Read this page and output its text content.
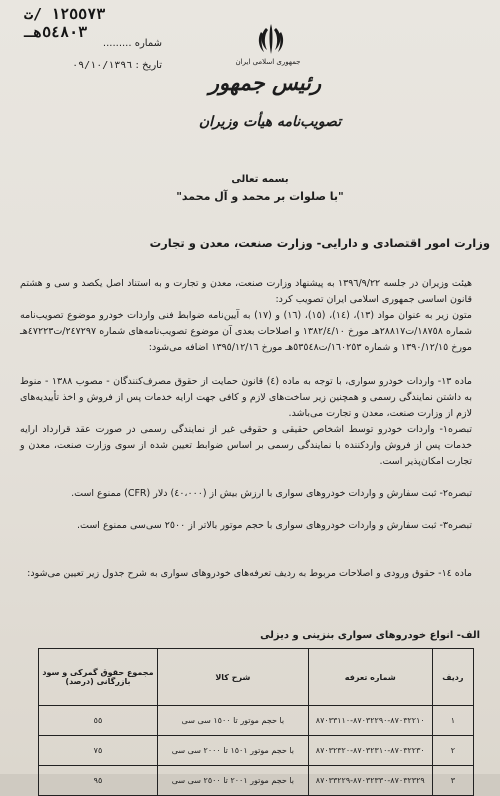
١٢٥٥٧٣ /ت ٥٤٨٠٣هـ
شماره .........
تاریخ : ٠٩/١٠/١٣٩٦	جمهوری اسلامی ایران
رئیس جمهور
تصویب‌نامه هیأت وزیران
بسمه تعالی
"با صلوات بر محمد و آل محمد"
وزارت امور اقتصادی و دارایی- وزارت صنعت، معدن و تجارت
هیئت وزیران در جلسه ١٣٩٦/٩/٢٢ به پیشنهاد وزارت صنعت، معدن و تجارت و به استناد اصل یکصد و سی و هشتم قانون اساسی جمهوری اسلامی ایران تصویب کرد:
متون زیر به عنوان مواد (١٣)، (١٤)، (١٥)، (١٦) و (١٧) به آیین‌نامه ضوابط فنی واردات خودرو موضوع تصویب‌نامه شماره ١٨٧٥٨/ت٢٨٨١٧هـ مورخ ١٣٨٢/٤/١٠ و اصلاحات بعدی آن موضوع تصویب‌نامه‌های شماره ٢٤٧٢٩٧/ت٤٧٢٢٣هـ مورخ ١٣٩٠/١٢/١٥ و شماره ١٦٠٢٥٣/ت٥٣٥٤٨هـ مورخ ١٣٩٥/١٢/١٦ اضافه می‌شود:
ماده ١٣- واردات خودرو سواری، با توجه به ماده (٤) قانون حمایت از حقوق مصرف‌کنندگان - مصوب ١٣٨٨ - منوط به داشتن نمایندگی رسمی و همچنین زیر ساخت‌های لازم و کافی جهت ارایه خدمات پس از فروش و اخذ تأییدیه‌های لازم از وزارت صنعت، معدن و تجارت می‌باشد.
تبصره١- واردات خودرو توسط اشخاص حقیقی و حقوقی غیر از نمایندگی رسمی در صورت عقد قرارداد ارایه خدمات پس از فروش واردکننده با نمایندگی رسمی بر اساس ضوابط تعیین شده از سوی وزارت صنعت، معدن و تجارت امکان‌پذیر است.
تبصره٢- ثبت سفارش و واردات خودروهای سواری با ارزش بیش از (٤٠،٠٠٠) دلار (CFR) ممنوع است.
تبصره٣- ثبت سفارش و واردات خودروهای سواری با حجم موتور بالاتر از ٢٥٠٠ سی‌سی ممنوع است.
ماده ١٤- حقوق ورودی و اصلاحات مربوط به ردیف تعرفه‌های خودروهای سواری به شرح جدول زیر تعیین می‌شود:
الف- انواع خودروهای سواری بنزینی و دیزلی
ردیف	شماره تعرفه	شرح کالا	مجموع حقوق گمرکی و سود بازرگانی (درصد)
١	٨٧٠٣٢٢١٠-٨٧٠٣٢٢٩٠-٨٧٠٣٣١١٠	با حجم موتور تا ١٥٠٠ سی سی	٥٥
٢	٨٧٠٣٢٢٣٠-٨٧٠٣٢٣١٠-٨٧٠٣٢٣٢٠	با حجم موتور ١٥٠١ تا ٢٠٠٠ سی سی	٧٥
٣	٨٧٠٣٢٣٢٩-٨٧٠٣٢٣٣٠-٨٧٠٣٣٢٢٩	با حجم موتور ٢٠٠١ تا ٢٥٠٠ سی سی	٩٥
